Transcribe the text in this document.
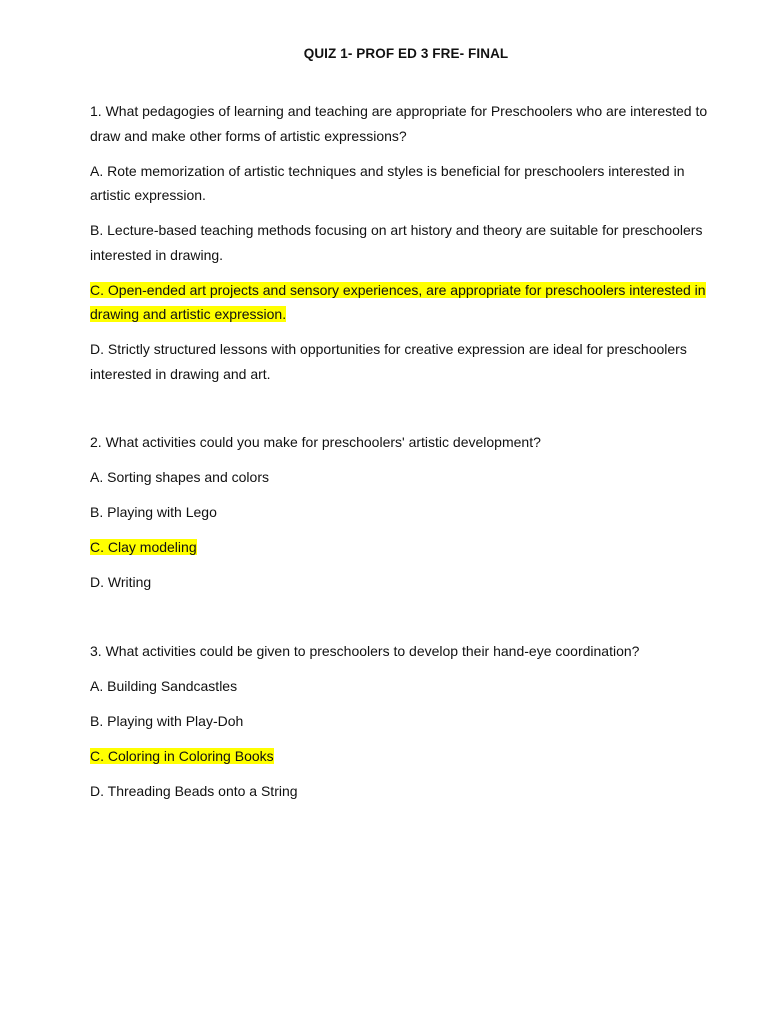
QUIZ 1- PROF ED 3 FRE- FINAL

1. What pedagogies of learning and teaching are appropriate for Preschoolers who are interested to draw and make other forms of artistic expressions?

A. Rote memorization of artistic techniques and styles is beneficial for preschoolers interested in artistic expression.

B. Lecture-based teaching methods focusing on art history and theory are suitable for preschoolers interested in drawing.

C. Open-ended art projects and sensory experiences, are appropriate for preschoolers interested in drawing and artistic expression.

D. Strictly structured lessons with opportunities for creative expression are ideal for preschoolers interested in drawing and art.

2. What activities could you make for preschoolers' artistic development?

A. Sorting shapes and colors

B. Playing with Lego

C. Clay modeling

D. Writing

3. What activities could be given to preschoolers to develop their hand-eye coordination?

A. Building Sandcastles

B. Playing with Play-Doh

C. Coloring in Coloring Books

D. Threading Beads onto a String
